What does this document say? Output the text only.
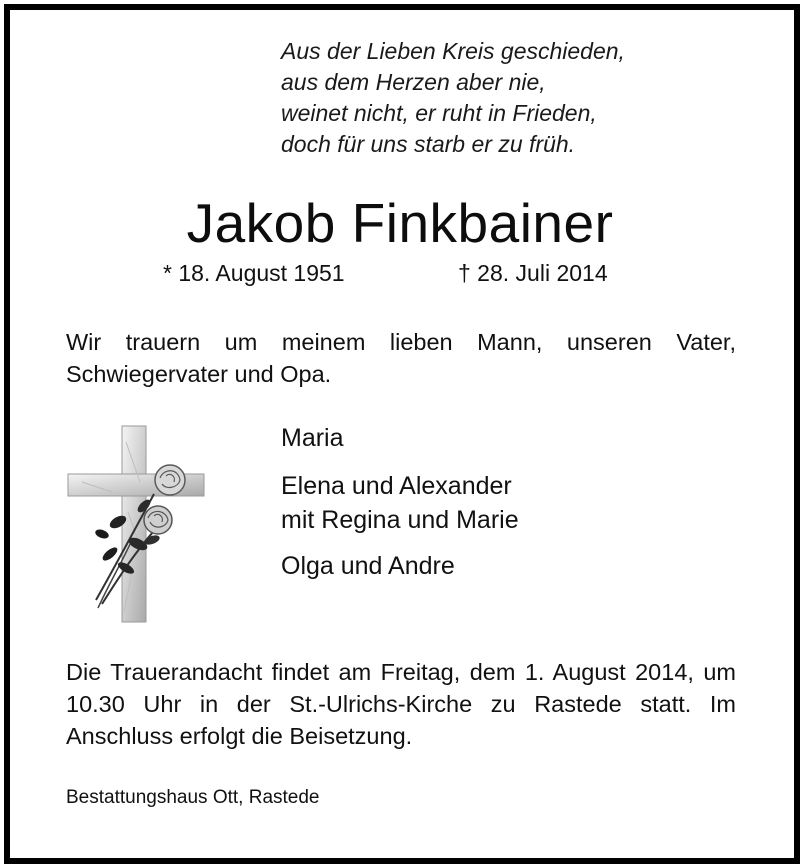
Aus der Lieben Kreis geschieden,
aus dem Herzen aber nie,
weinet nicht, er ruht in Frieden,
doch für uns starb er zu früh.
Jakob Finkbainer
* 18. August 1951	† 28. Juli 2014
Wir trauern um meinem lieben Mann, unseren Vater, Schwiegervater und Opa.
Maria
Elena und Alexander
mit Regina und Marie
Olga und Andre
Die Trauerandacht findet am Freitag, dem 1. August 2014, um 10.30 Uhr in der St.-Ulrichs-Kirche zu Rastede statt. Im Anschluss erfolgt die Beisetzung.
Bestattungshaus Ott, Rastede
